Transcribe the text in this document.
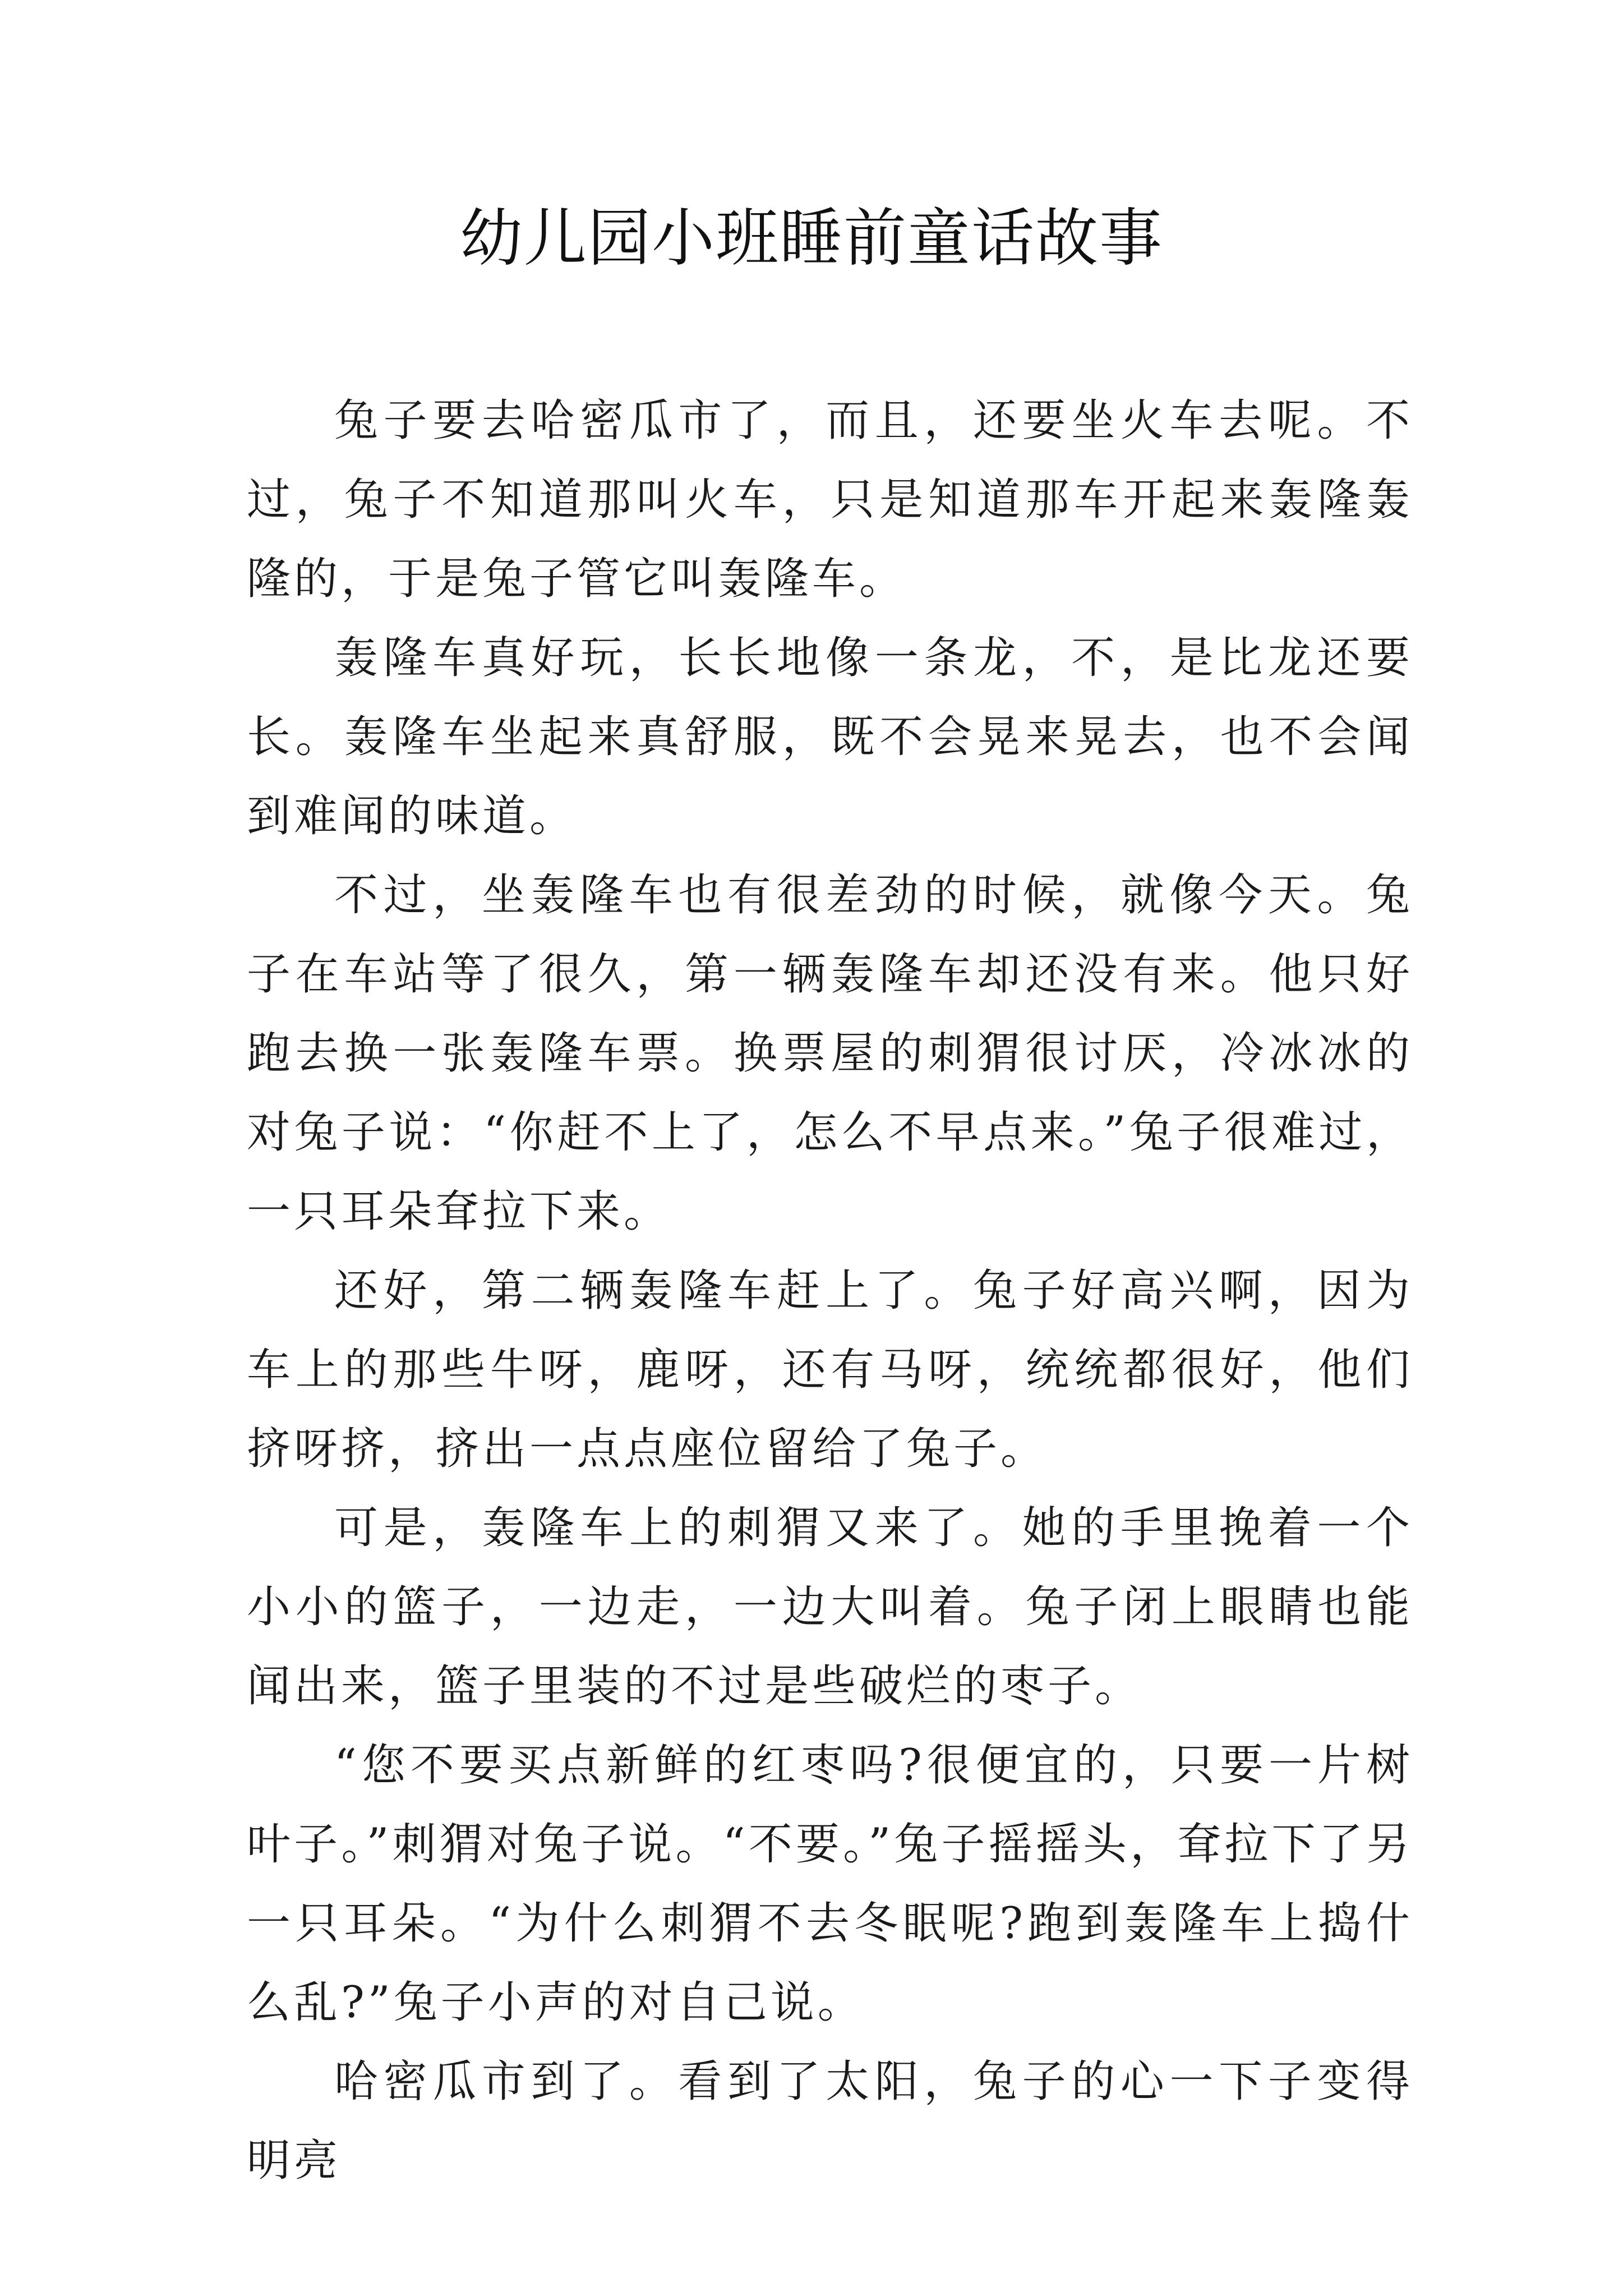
幼儿园小班睡前童话故事

兔子要去哈密瓜市了，而且，还要坐火车去呢。不过，兔子不知道那叫火车，只是知道那车开起来轰隆轰隆的，于是兔子管它叫轰隆车。

轰隆车真好玩，长长地像一条龙，不，是比龙还要长。轰隆车坐起来真舒服，既不会晃来晃去，也不会闻到难闻的味道。

不过，坐轰隆车也有很差劲的时候，就像今天。兔子在车站等了很久，第一辆轰隆车却还没有来。他只好跑去换一张轰隆车票。换票屋的刺猬很讨厌，冷冰冰的对兔子说：“你赶不上了，怎么不早点来。”兔子很难过，一只耳朵耷拉下来。

还好，第二辆轰隆车赶上了。兔子好高兴啊，因为车上的那些牛呀，鹿呀，还有马呀，统统都很好，他们挤呀挤，挤出一点点座位留给了兔子。

可是，轰隆车上的刺猬又来了。她的手里挽着一个小小的篮子，一边走，一边大叫着。兔子闭上眼睛也能闻出来，篮子里装的不过是些破烂的枣子。

“您不要买点新鲜的红枣吗?很便宜的，只要一片树叶子。”刺猬对兔子说。“不要。”兔子摇摇头，耷拉下了另一只耳朵。“为什么刺猬不去冬眠呢?跑到轰隆车上捣什么乱?”兔子小声的对自己说。

哈密瓜市到了。看到了太阳，兔子的心一下子变得明亮
